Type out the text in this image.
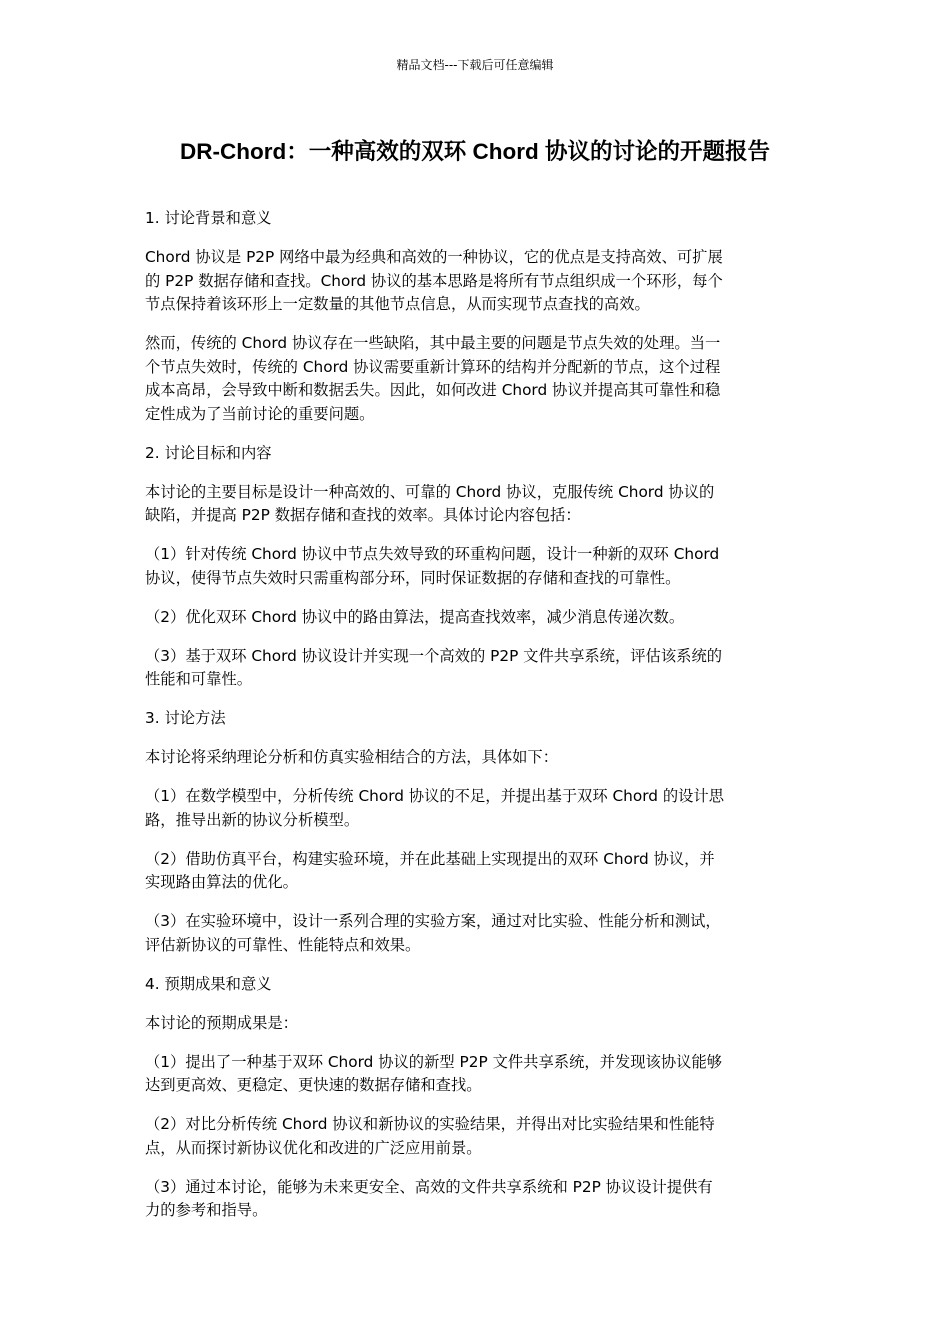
精品文档---下载后可任意编辑
DR-Chord：一种高效的双环 Chord 协议的讨论的开题报告

1. 讨论背景和意义

Chord 协议是 P2P 网络中最为经典和高效的一种协议，它的优点是支持高效、可扩展

的 P2P 数据存储和查找。Chord 协议的基本思路是将所有节点组织成一个环形，每个

节点保持着该环形上一定数量的其他节点信息，从而实现节点查找的高效。

然而，传统的 Chord 协议存在一些缺陷，其中最主要的问题是节点失效的处理。当一

个节点失效时，传统的 Chord 协议需要重新计算环的结构并分配新的节点，这个过程

成本高昂，会导致中断和数据丢失。因此，如何改进 Chord 协议并提高其可靠性和稳

定性成为了当前讨论的重要问题。

2. 讨论目标和内容

本讨论的主要目标是设计一种高效的、可靠的 Chord 协议，克服传统 Chord 协议的

缺陷，并提高 P2P 数据存储和查找的效率。具体讨论内容包括：

（1）针对传统 Chord 协议中节点失效导致的环重构问题，设计一种新的双环 Chord

协议，使得节点失效时只需重构部分环，同时保证数据的存储和查找的可靠性。

（2）优化双环 Chord 协议中的路由算法，提高查找效率，减少消息传递次数。

（3）基于双环 Chord 协议设计并实现一个高效的 P2P 文件共享系统，评估该系统的

性能和可靠性。

3. 讨论方法

本讨论将采纳理论分析和仿真实验相结合的方法，具体如下：

（1）在数学模型中，分析传统 Chord 协议的不足，并提出基于双环 Chord 的设计思

路，推导出新的协议分析模型。

（2）借助仿真平台，构建实验环境，并在此基础上实现提出的双环 Chord 协议，并

实现路由算法的优化。

（3）在实验环境中，设计一系列合理的实验方案，通过对比实验、性能分析和测试，

评估新协议的可靠性、性能特点和效果。

4. 预期成果和意义

本讨论的预期成果是：

（1）提出了一种基于双环 Chord 协议的新型 P2P 文件共享系统，并发现该协议能够

达到更高效、更稳定、更快速的数据存储和查找。

（2）对比分析传统 Chord 协议和新协议的实验结果，并得出对比实验结果和性能特

点，从而探讨新协议优化和改进的广泛应用前景。

（3）通过本讨论，能够为未来更安全、高效的文件共享系统和 P2P 协议设计提供有

力的参考和指导。
